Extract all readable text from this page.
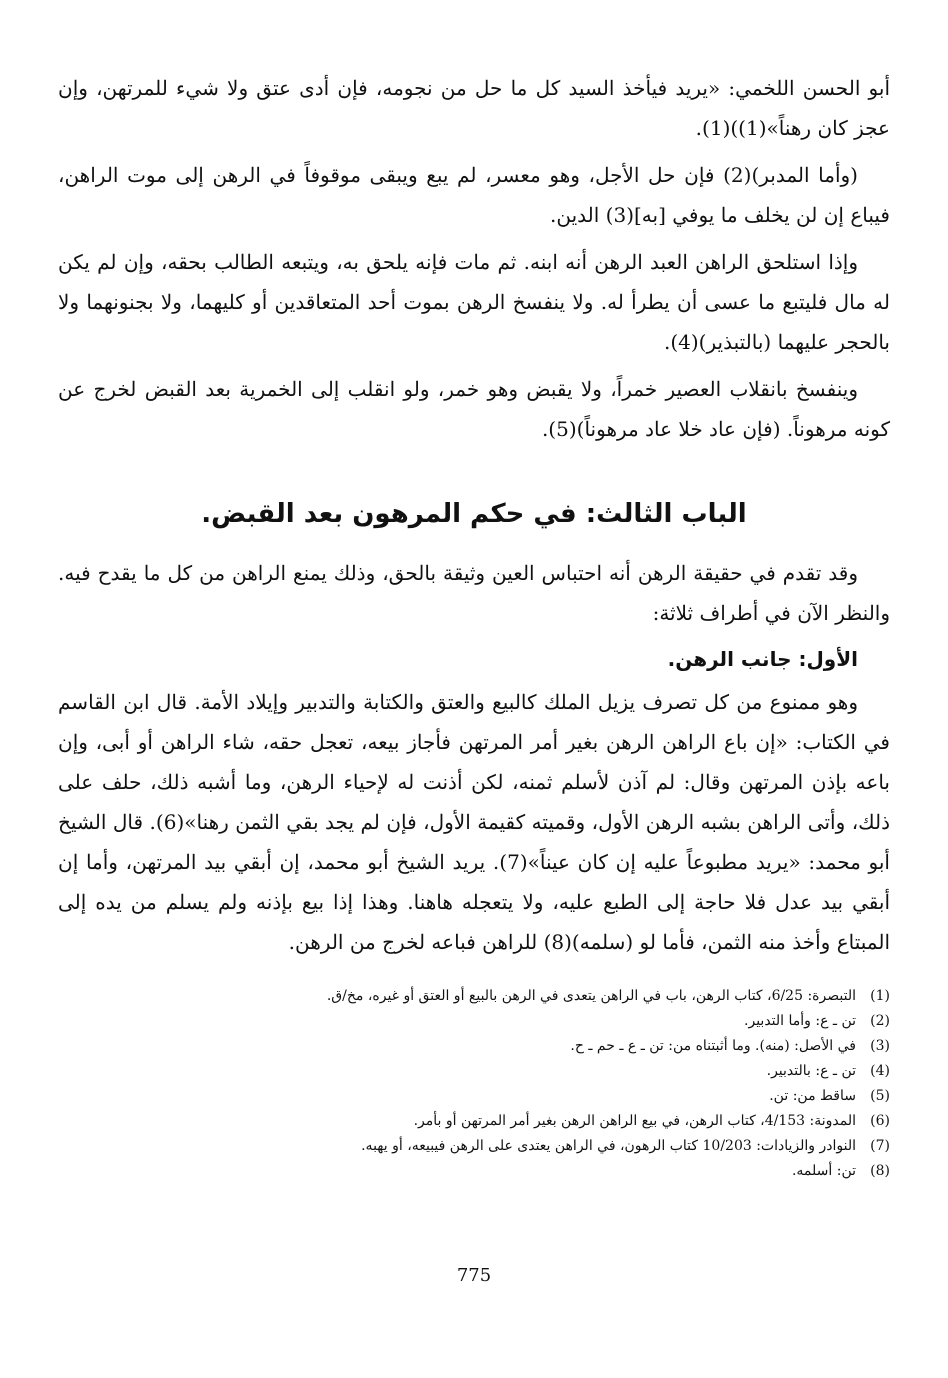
أبو الحسن اللخمي: «يريد فيأخذ السيد كل ما حل من نجومه، فإن أدى عتق ولا شيء للمرتهن، وإن عجز كان رهناً»(1))(1).

(وأما المدبر)(2) فإن حل الأجل، وهو معسر، لم يبع ويبقى موقوفاً في الرهن إلى موت الراهن، فيباع إن لن يخلف ما يوفي [به](3) الدين.

وإذا استلحق الراهن العبد الرهن أنه ابنه. ثم مات فإنه يلحق به، ويتبعه الطالب بحقه، وإن لم يكن له مال فليتبع ما عسى أن يطرأ له. ولا ينفسخ الرهن بموت أحد المتعاقدين أو كليهما، ولا بجنونهما ولا بالحجر عليهما (بالتبذير)(4).

وينفسخ بانقلاب العصير خمراً، ولا يقبض وهو خمر، ولو انقلب إلى الخمرية بعد القبض لخرج عن كونه مرهوناً. (فإن عاد خلا عاد مرهوناً)(5).

الباب الثالث: في حكم المرهون بعد القبض.

وقد تقدم في حقيقة الرهن أنه احتباس العين وثيقة بالحق، وذلك يمنع الراهن من كل ما يقدح فيه. والنظر الآن في أطراف ثلاثة:

الأول: جانب الرهن.

وهو ممنوع من كل تصرف يزيل الملك كالبيع والعتق والكتابة والتدبير وإيلاد الأمة. قال ابن القاسم في الكتاب: «إن باع الراهن الرهن بغير أمر المرتهن فأجاز بيعه، تعجل حقه، شاء الراهن أو أبى، وإن باعه بإذن المرتهن وقال: لم آذن لأسلم ثمنه، لكن أذنت له لإحياء الرهن، وما أشبه ذلك، حلف على ذلك، وأتى الراهن بشبه الرهن الأول، وقميته كقيمة الأول، فإن لم يجد بقي الثمن رهنا»(6). قال الشيخ أبو محمد: «يريد مطبوعاً عليه إن كان عيناً»(7). يريد الشيخ أبو محمد، إن أبقي بيد المرتهن، وأما إن أبقي بيد عدل فلا حاجة إلى الطبع عليه، ولا يتعجله هاهنا. وهذا إذا بيع بإذنه ولم يسلم من يده إلى المبتاع وأخذ منه الثمن، فأما لو (سلمه)(8) للراهن فباعه لخرج من الرهن.

(1)
التبصرة: 6/25، كتاب الرهن، باب في الراهن يتعدى في الرهن بالبيع أو العتق أو غيره، مخ/ق.
(2)
تن ـ ع: وأما التدبير.
(3)
في الأصل: (منه). وما أثبتناه من: تن ـ ع ـ حم ـ ح.
(4)
تن ـ ع: بالتدبير.
(5)
ساقط من: تن.
(6)
المدونة: 4/153، كتاب الرهن، في بيع الراهن الرهن بغير أمر المرتهن أو بأمر.
(7)
النوادر والزيادات: 10/203 كتاب الرهون، في الراهن يعتدى على الرهن فيبيعه، أو يهبه.
(8)
تن: أسلمه.
775
